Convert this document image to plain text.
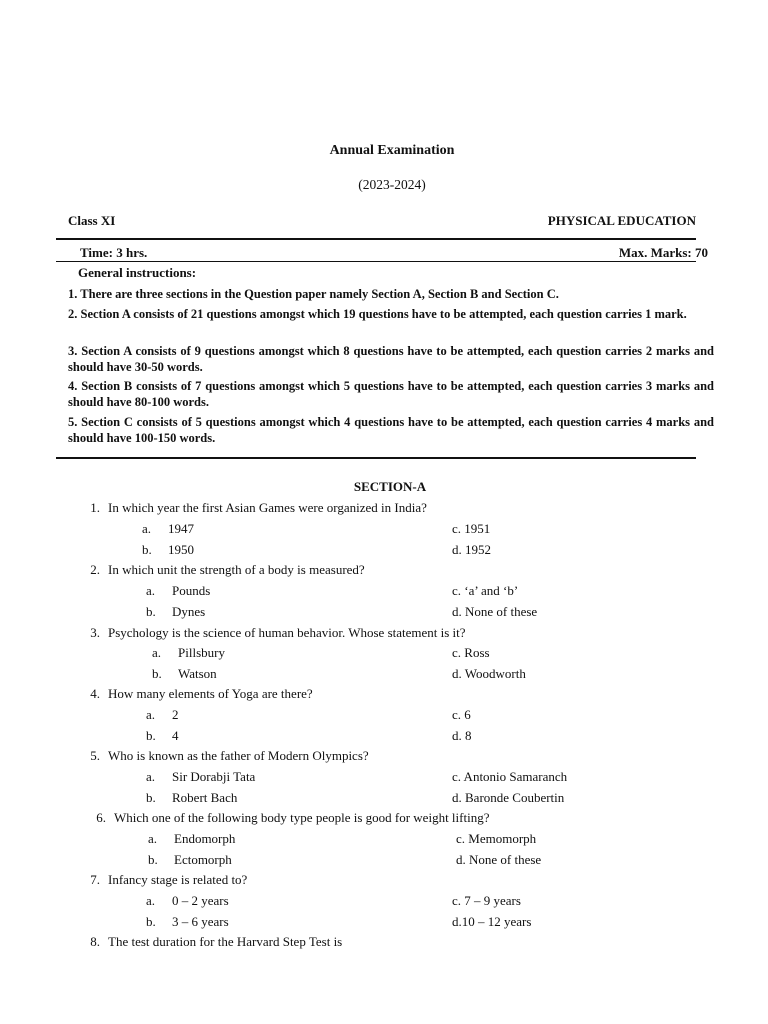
Annual Examination
(2023-2024)
Class XI	PHYSICAL EDUCATION
Time: 3 hrs.	Max. Marks: 70
General instructions:
1. There are three sections in the Question paper namely Section A, Section B and Section C.
2. Section A consists of 21 questions amongst which 19 questions have to be attempted, each question carries 1 mark.
3. Section A consists of 9 questions amongst which 8 questions have to be attempted, each question carries 2 marks and should have 30-50 words.
4. Section B consists of 7 questions amongst which 5 questions have to be attempted, each question carries 3 marks and should have 80-100 words.
5. Section C consists of 5 questions amongst which 4 questions have to be attempted, each question carries 4 marks and should have 100-150 words.
SECTION-A
1. In which year the first Asian Games were organized in India?
a. 1947	c. 1951
b. 1950	d. 1952
2. In which unit the strength of a body is measured?
a. Pounds	c. ‘a’ and ‘b’
b. Dynes	d. None of these
3. Psychology is the science of human behavior. Whose statement is it?
a. Pillsbury	c. Ross
b. Watson	d. Woodworth
4. How many elements of Yoga are there?
a. 2	c. 6
b. 4	d. 8
5. Who is known as the father of Modern Olympics?
a. Sir Dorabji Tata	c. Antonio Samaranch
b. Robert Bach	d. Baronde Coubertin
6. Which one of the following body type people is good for weight lifting?
a. Endomorph	c. Memomorph
b. Ectomorph	d. None of these
7. Infancy stage is related to?
a. 0 – 2 years	c. 7 – 9 years
b. 3 – 6 years	d.10 – 12 years
8. The test duration for the Harvard Step Test is
